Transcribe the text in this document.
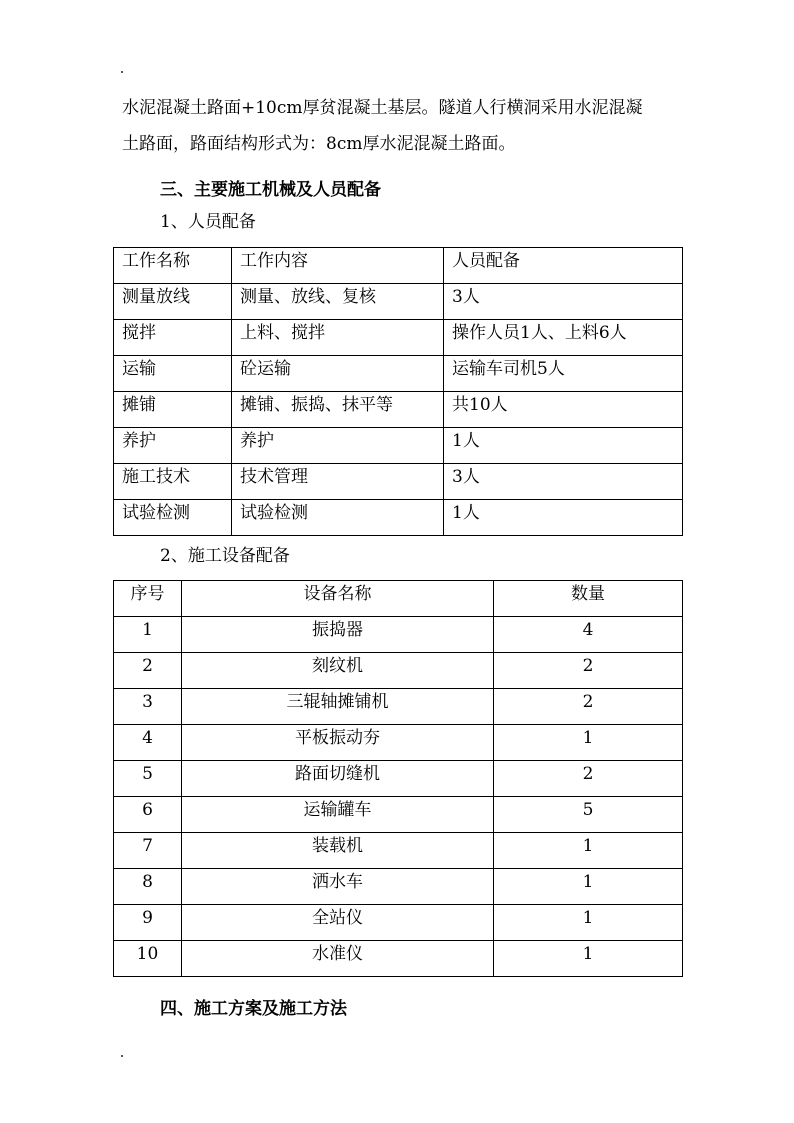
水泥混凝土路面+10cm厚贫混凝土基层。隧道人行横洞采用水泥混凝
土路面，路面结构形式为：8cm厚水泥混凝土路面。
三、主要施工机械及人员配备
1、人员配备
工作名称	工作内容	人员配备

测量放线	测量、放线、复核	3人

搅拌	上料、搅拌	操作人员1人、上料6人

运输	砼运输	运输车司机5人

摊铺	摊铺、振捣、抹平等	共10人

养护	养护	1人

施工技术	技术管理	3人

试验检测	试验检测	1人
2、施工设备配备
序号	设备名称	数量

1	振捣器	4

2	刻纹机	2

3	三辊轴摊铺机	2

4	平板振动夯	1

5	路面切缝机	2

6	运输罐车	5

7	装载机	1

8	洒水车	1

9	全站仪	1

10	水准仪	1
四、施工方案及施工方法
